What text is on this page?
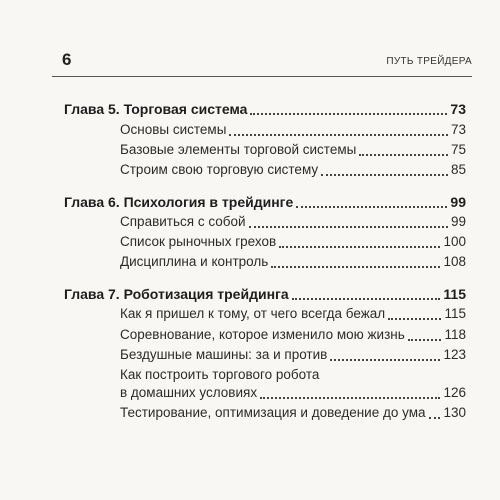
6	ПУТЬ ТРЕЙДЕРА
Глава 5. Торговая система	73
Основы системы	73
Базовые элементы торговой системы	75
Строим свою торговую систему	85
Глава 6. Психология в трейдинге	99
Справиться с собой	99
Список рыночных грехов	100
Дисциплина и контроль	108
Глава 7. Роботизация трейдинга	115
Как я пришел к тому, от чего всегда бежал	115
Соревнование, которое изменило мою жизнь	118
Бездушные машины: за и против	123
Как построить торгового робота
в домашних условиях	126
Тестирование, оптимизация и доведение до ума 130
